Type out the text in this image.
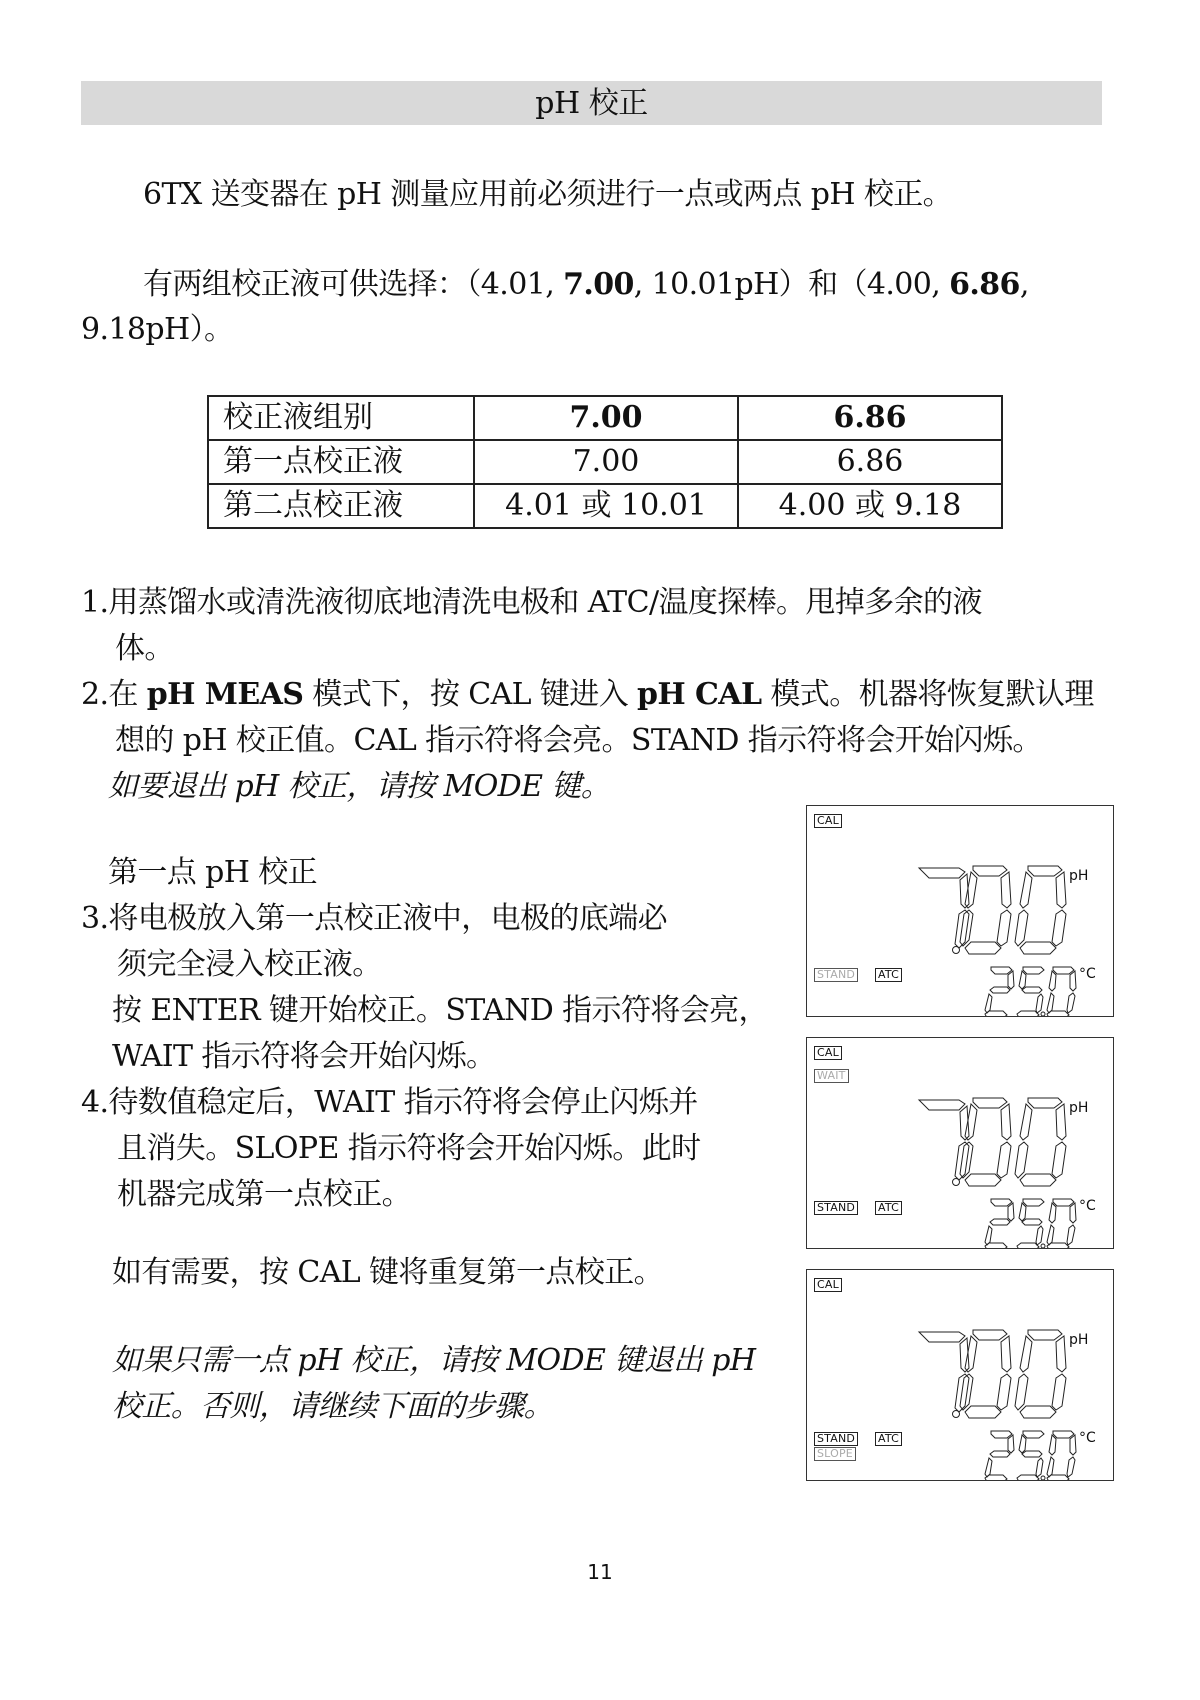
pH 校正
6TX 送变器在 pH 测量应用前必须进行一点或两点 pH 校正。
有两组校正液可供选择：（4.01, 7.00, 10.01pH）和（4.00, 6.86,
9.18pH）。
校正液组别	7.00	6.86
第一点校正液	7.00	6.86
第二点校正液	4.01 或 10.01	4.00 或 9.18
1.用蒸馏水或清洗液彻底地清洗电极和 ATC/温度探棒。甩掉多余的液
体。
2.在 pH MEAS 模式下，按 CAL 键进入 pH CAL 模式。机器将恢复默认理
想的 pH 校正值。CAL 指示符将会亮。STAND 指示符将会开始闪烁。
如要退出 pH 校正，请按 MODE 键。
第一点 pH 校正
3.将电极放入第一点校正液中，电极的底端必
须完全浸入校正液。
按 ENTER 键开始校正。STAND 指示符将会亮，
WAIT 指示符将会开始闪烁。
4.待数值稳定后，WAIT 指示符将会停止闪烁并
且消失。SLOPE 指示符将会开始闪烁。此时
机器完成第一点校正。
如有需要，按 CAL 键将重复第一点校正。
如果只需一点 pH 校正，请按 MODE 键退出 pH
校正。否则，请继续下面的步骤。
CAL
STAND ATC
pH
°C
CAL
WAIT
STAND ATC
pH
°C
CAL
STAND ATC
SLOPE
pH
°C
11
